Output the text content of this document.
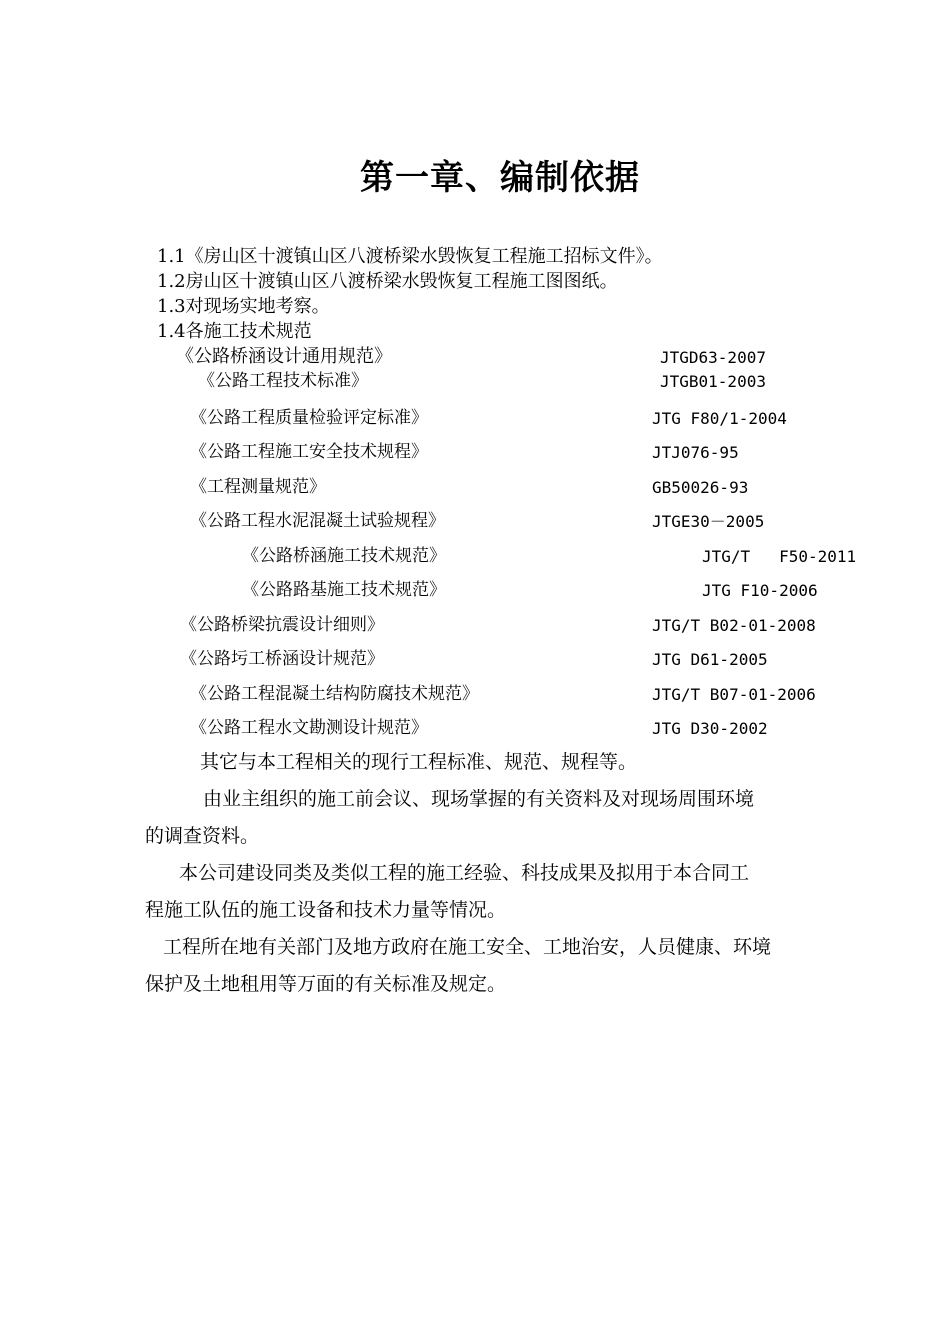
第一章、编制依据
1.1《房山区十渡镇山区八渡桥梁水毁恢复工程施工招标文件》。
1.2房山区十渡镇山区八渡桥梁水毁恢复工程施工图图纸。
1.3对现场实地考察。
1.4各施工技术规范
《公路桥涵设计通用规范》	JTGD63-2007
《公路工程技术标准》	JTGB01-2003
《公路工程质量检验评定标准》	JTG F80/1-2004
《公路工程施工安全技术规程》	JTJ076-95
《工程测量规范》	GB50026-93
《公路工程水泥混凝土试验规程》	JTGE30－2005
《公路桥涵施工技术规范》	JTG/T   F50-2011
《公路路基施工技术规范》	JTG F10-2006
《公路桥梁抗震设计细则》	JTG/T B02-01-2008
《公路圬工桥涵设计规范》	JTG D61-2005
《公路工程混凝土结构防腐技术规范》	JTG/T B07-01-2006
《公路工程水文勘测设计规范》	JTG D30-2002
其它与本工程相关的现行工程标准、规范、规程等。
由业主组织的施工前会议、现场掌握的有关资料及对现场周围环境
的调查资料。
本公司建设同类及类似工程的施工经验、科技成果及拟用于本合同工
程施工队伍的施工设备和技术力量等情况。
工程所在地有关部门及地方政府在施工安全、工地治安，人员健康、环境
保护及土地租用等万面的有关标准及规定。
